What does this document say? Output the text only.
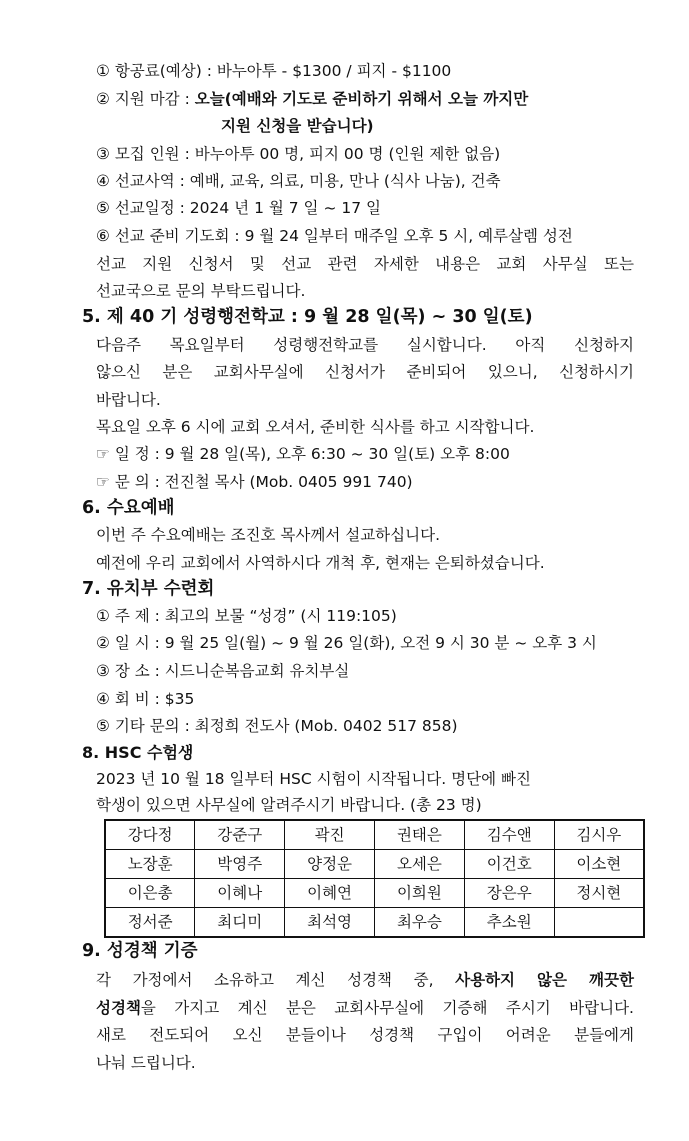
① 항공료(예상) : 바누아투 - $1300 / 피지 - $1100
② 지원 마감 : 오늘(예배와 기도로 준비하기 위해서 오늘 까지만
지원 신청을 받습니다)
③ 모집 인원 : 바누아투 00 명, 피지 00 명 (인원 제한 없음)
④ 선교사역 : 예배, 교육, 의료, 미용, 만나 (식사 나눔), 건축
⑤ 선교일정 : 2024 년 1 월 7 일 ~ 17 일
⑥ 선교 준비 기도회 : 9 월 24 일부터 매주일 오후 5 시, 예루살렘 성전
선교 지원 신청서 및 선교 관련 자세한 내용은 교회 사무실 또는
선교국으로 문의 부탁드립니다.
5. 제 40 기 성령행전학교 : 9 월 28 일(목) ~ 30 일(토)
다음주 목요일부터 성령행전학교를 실시합니다. 아직 신청하지
않으신 분은 교회사무실에 신청서가 준비되어 있으니, 신청하시기
바랍니다.
목요일 오후 6 시에 교회 오셔서, 준비한 식사를 하고 시작합니다.
☞ 일 정 : 9 월 28 일(목), 오후 6:30 ~ 30 일(토) 오후 8:00
☞ 문 의 : 전진철 목사 (Mob. 0405 991 740)
6. 수요예배
이번 주 수요예배는 조진호 목사께서 설교하십니다.
예전에 우리 교회에서 사역하시다 개척 후, 현재는 은퇴하셨습니다.
7. 유치부 수련회
① 주 제 : 최고의 보물 “성경” (시 119:105)
② 일 시 : 9 월 25 일(월) ~ 9 월 26 일(화), 오전 9 시 30 분 ~ 오후 3 시
③ 장 소 : 시드니순복음교회 유치부실
④ 회 비 : $35
⑤ 기타 문의 : 최정희 전도사 (Mob. 0402 517 858)
8. HSC 수험생
2023 년 10 월 18 일부터 HSC 시험이 시작됩니다. 명단에 빠진
학생이 있으면 사무실에 알려주시기 바랍니다. (총 23 명)
강다정	강준구	곽진	권태은	김수앤	김시우
노장훈	박영주	양정운	오세은	이건호	이소현
이은총	이혜나	이혜연	이희원	장은우	정시현
정서준	최디미	최석영	최우승	추소원	
9. 성경책 기증
각 가정에서 소유하고 계신 성경책 중, 사용하지 않은 깨끗한
성경책을 가지고 계신 분은 교회사무실에 기증해 주시기 바랍니다.
새로 전도되어 오신 분들이나 성경책 구입이 어려운 분들에게
나눠 드립니다.
